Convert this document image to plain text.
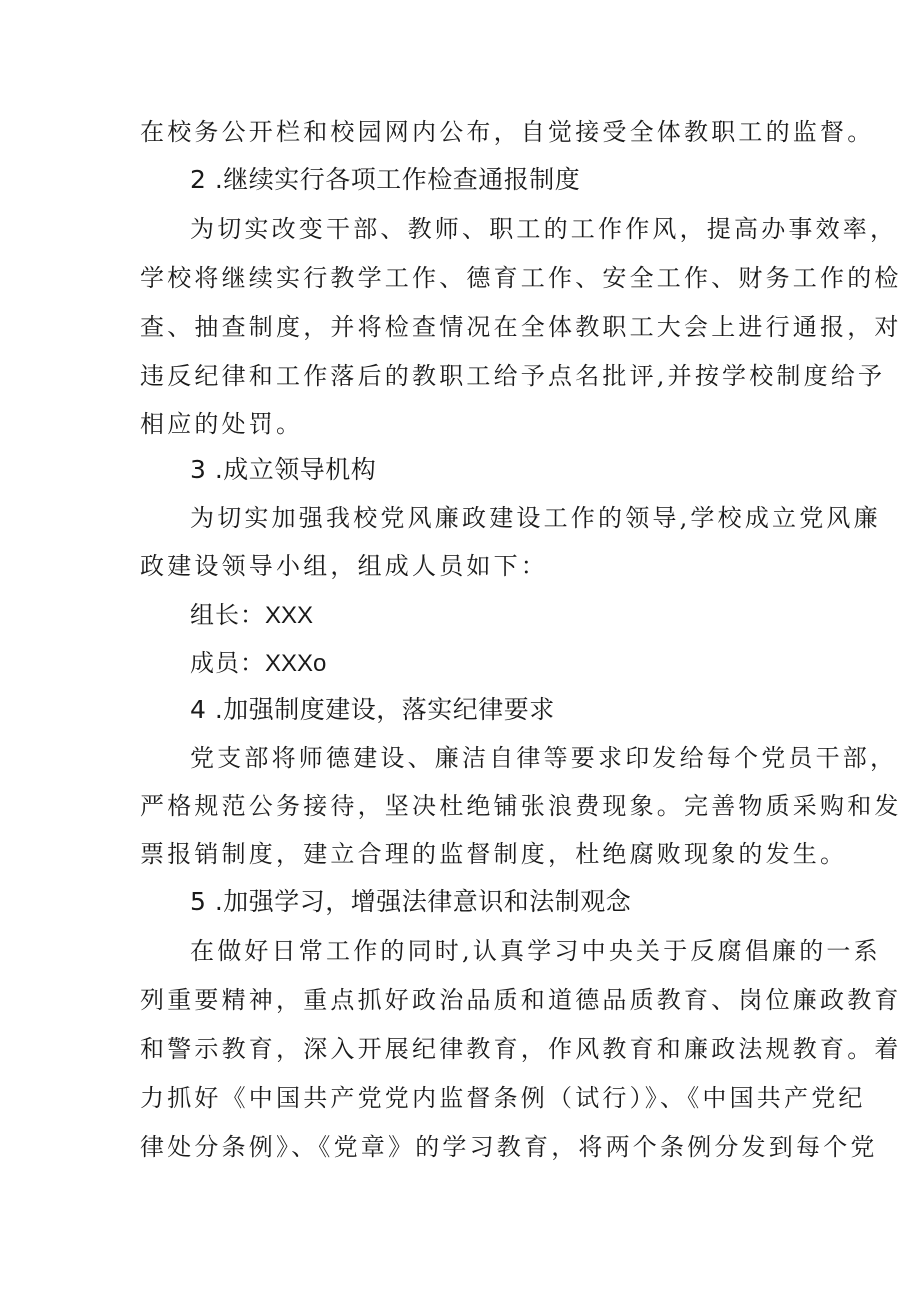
在校务公开栏和校园网内公布，自觉接受全体教职工的监督。
2 .继续实行各项工作检查通报制度
为切实改变干部、教师、职工的工作作风，提高办事效率，
学校将继续实行教学工作、德育工作、安全工作、财务工作的检
查、抽查制度，并将检查情况在全体教职工大会上进行通报，对
违反纪律和工作落后的教职工给予点名批评,并按学校制度给予
相应的处罚。
3 .成立领导机构
为切实加强我校党风廉政建设工作的领导,学校成立党风廉
政建设领导小组，组成人员如下：
组长：XXX
成员：XXXo
4 .加强制度建设，落实纪律要求
党支部将师德建设、廉洁自律等要求印发给每个党员干部，
严格规范公务接待，坚决杜绝铺张浪费现象。完善物质采购和发
票报销制度，建立合理的监督制度，杜绝腐败现象的发生。
5 .加强学习，增强法律意识和法制观念
在做好日常工作的同时,认真学习中央关于反腐倡廉的一系
列重要精神，重点抓好政治品质和道德品质教育、岗位廉政教育
和警示教育，深入开展纪律教育，作风教育和廉政法规教育。着
力抓好《中国共产党党内监督条例（试行）》、《中国共产党纪
律处分条例》、《党章》的学习教育，将两个条例分发到每个党
